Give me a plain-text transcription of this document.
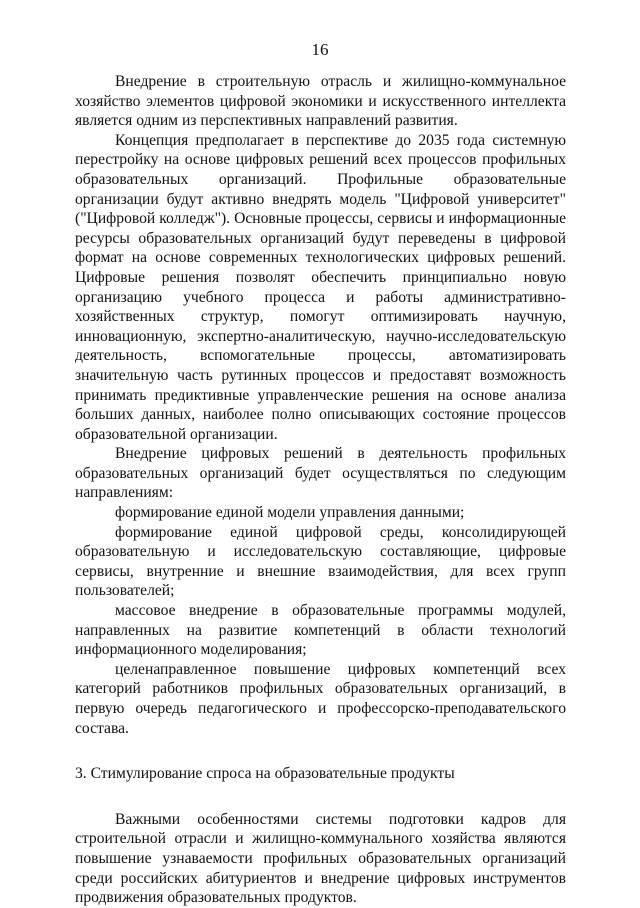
16

Внедрение в строительную отрасль и жилищно-коммунальное хозяйство элементов цифровой экономики и искусственного интеллекта является одним из перспективных направлений развития.

Концепция предполагает в перспективе до 2035 года системную перестройку на основе цифровых решений всех процессов профильных образовательных организаций. Профильные образовательные организации будут активно внедрять модель "Цифровой университет" ("Цифровой колледж"). Основные процессы, сервисы и информационные ресурсы образовательных организаций будут переведены в цифровой формат на основе современных технологических цифровых решений. Цифровые решения позволят обеспечить принципиально новую организацию учебного процесса и работы административно-хозяйственных структур, помогут оптимизировать научную, инновационную, экспертно-аналитическую, научно-исследовательскую деятельность, вспомогательные процессы, автоматизировать значительную часть рутинных процессов и предоставят возможность принимать предиктивные управленческие решения на основе анализа больших данных, наиболее полно описывающих состояние процессов образовательной организации.

Внедрение цифровых решений в деятельность профильных образовательных организаций будет осуществляться по следующим направлениям:

формирование единой модели управления данными;

формирование единой цифровой среды, консолидирующей образовательную и исследовательскую составляющие, цифровые сервисы, внутренние и внешние взаимодействия, для всех групп пользователей;

массовое внедрение в образовательные программы модулей, направленных на развитие компетенций в области технологий информационного моделирования;

целенаправленное повышение цифровых компетенций всех категорий работников профильных образовательных организаций, в первую очередь педагогического и профессорско-преподавательского состава.

3. Стимулирование спроса на образовательные продукты

Важными особенностями системы подготовки кадров для строительной отрасли и жилищно-коммунального хозяйства являются повышение узнаваемости профильных образовательных организаций среди российских абитуриентов и внедрение цифровых инструментов продвижения образовательных продуктов.
